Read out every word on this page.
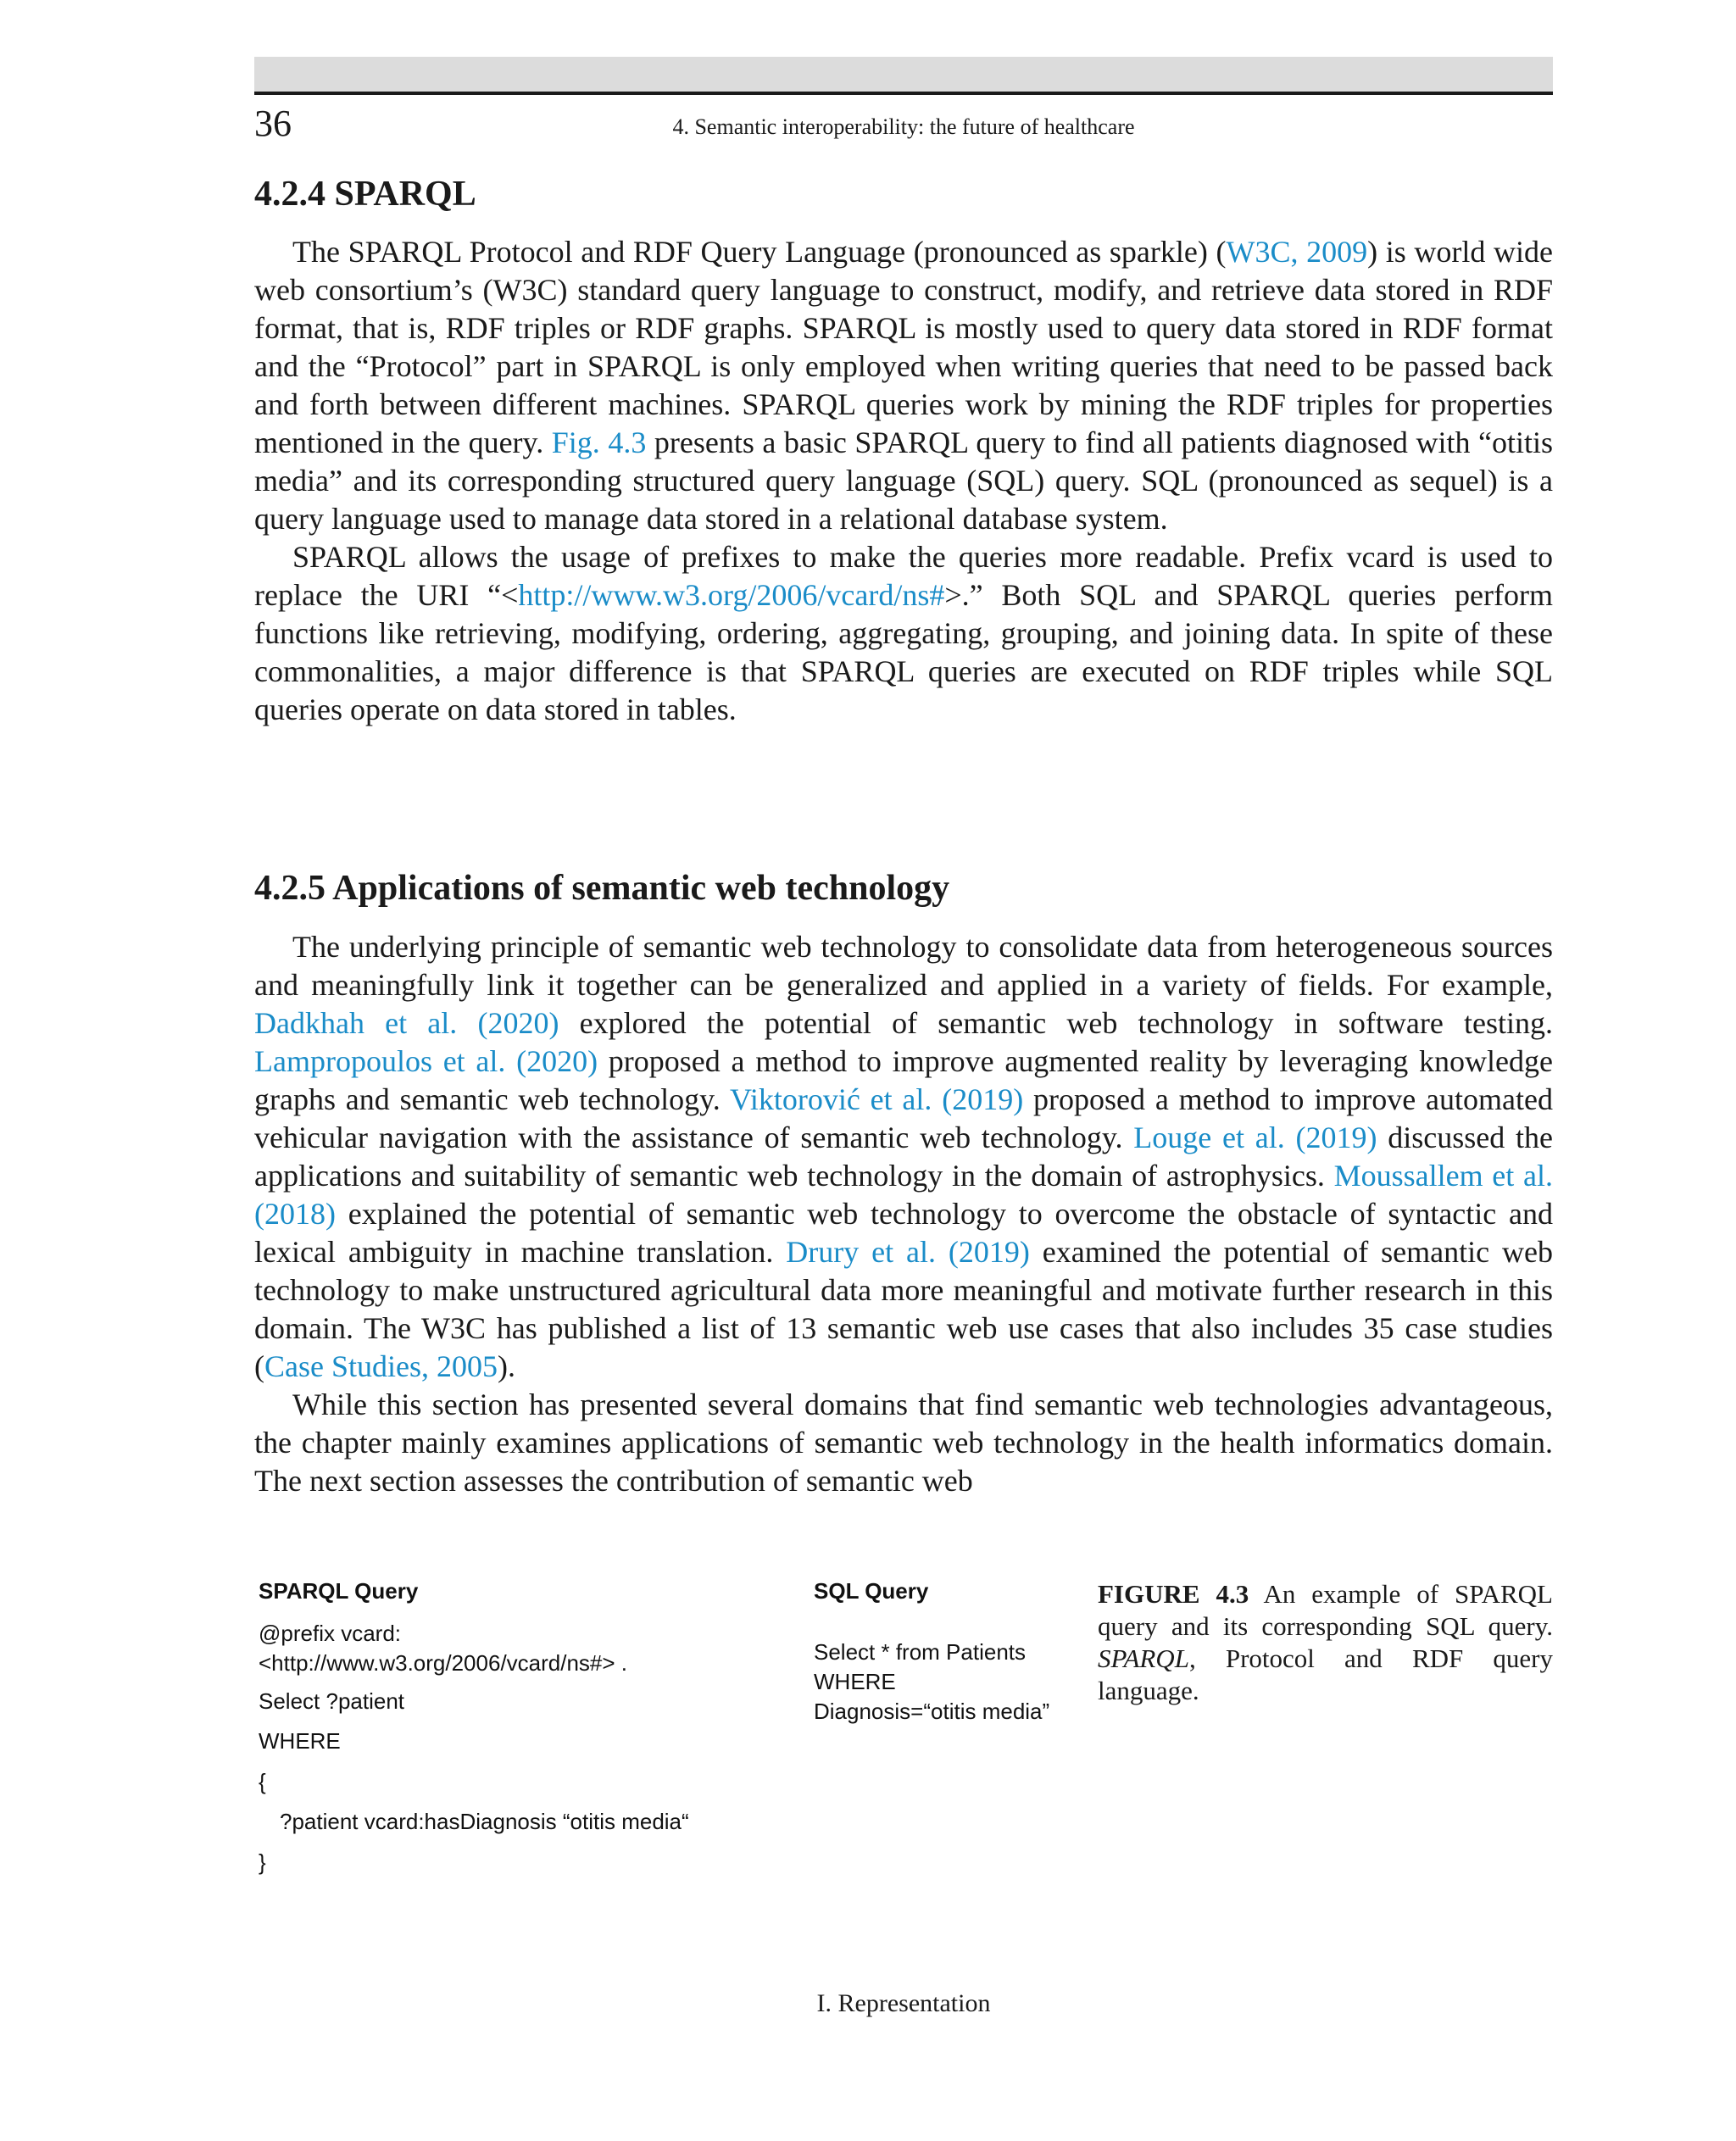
36	4. Semantic interoperability: the future of healthcare
4.2.4 SPARQL

The SPARQL Protocol and RDF Query Language (pronounced as sparkle) (W3C, 2009) is world wide web consortium’s (W3C) standard query language to construct, modify, and retrieve data stored in RDF format, that is, RDF triples or RDF graphs. SPARQL is mostly used to query data stored in RDF format and the “Protocol” part in SPARQL is only employed when writing queries that need to be passed back and forth between different machines. SPARQL queries work by mining the RDF triples for properties mentioned in the query. Fig. 4.3 presents a basic SPARQL query to find all patients diagnosed with “otitis media” and its corresponding structured query language (SQL) query. SQL (pronounced as sequel) is a query language used to manage data stored in a relational database system.

SPARQL allows the usage of prefixes to make the queries more readable. Prefix vcard is used to replace the URI “<http://www.w3.org/2006/vcard/ns#>.” Both SQL and SPARQL queries perform functions like retrieving, modifying, ordering, aggregating, grouping, and joining data. In spite of these commonalities, a major difference is that SPARQL queries are executed on RDF triples while SQL queries operate on data stored in tables.

4.2.5 Applications of semantic web technology

The underlying principle of semantic web technology to consolidate data from heterogeneous sources and meaningfully link it together can be generalized and applied in a variety of fields. For example, Dadkhah et al. (2020) explored the potential of semantic web technology in software testing. Lampropoulos et al. (2020) proposed a method to improve augmented reality by leveraging knowledge graphs and semantic web technology. Viktorović et al. (2019) proposed a method to improve automated vehicular navigation with the assistance of semantic web technology. Louge et al. (2019) discussed the applications and suitability of semantic web technology in the domain of astrophysics. Moussallem et al. (2018) explained the potential of semantic web technology to overcome the obstacle of syntactic and lexical ambiguity in machine translation. Drury et al. (2019) examined the potential of semantic web technology to make unstructured agricultural data more meaningful and motivate further research in this domain. The W3C has published a list of 13 semantic web use cases that also includes 35 case studies (Case Studies, 2005).

While this section has presented several domains that find semantic web technologies advantageous, the chapter mainly examines applications of semantic web technology in the health informatics domain. The next section assesses the contribution of semantic web

SPARQL Query
@prefix vcard:
<http://www.w3.org/2006/vcard/ns#> .
Select ?patient
WHERE
{
?patient vcard:hasDiagnosis “otitis media“
}
SQL Query
Select * from Patients
WHERE
Diagnosis=“otitis media”
FIGURE 4.3 An example of SPARQL query and its corresponding SQL query. SPARQL, Protocol and RDF query language.
I. Representation
